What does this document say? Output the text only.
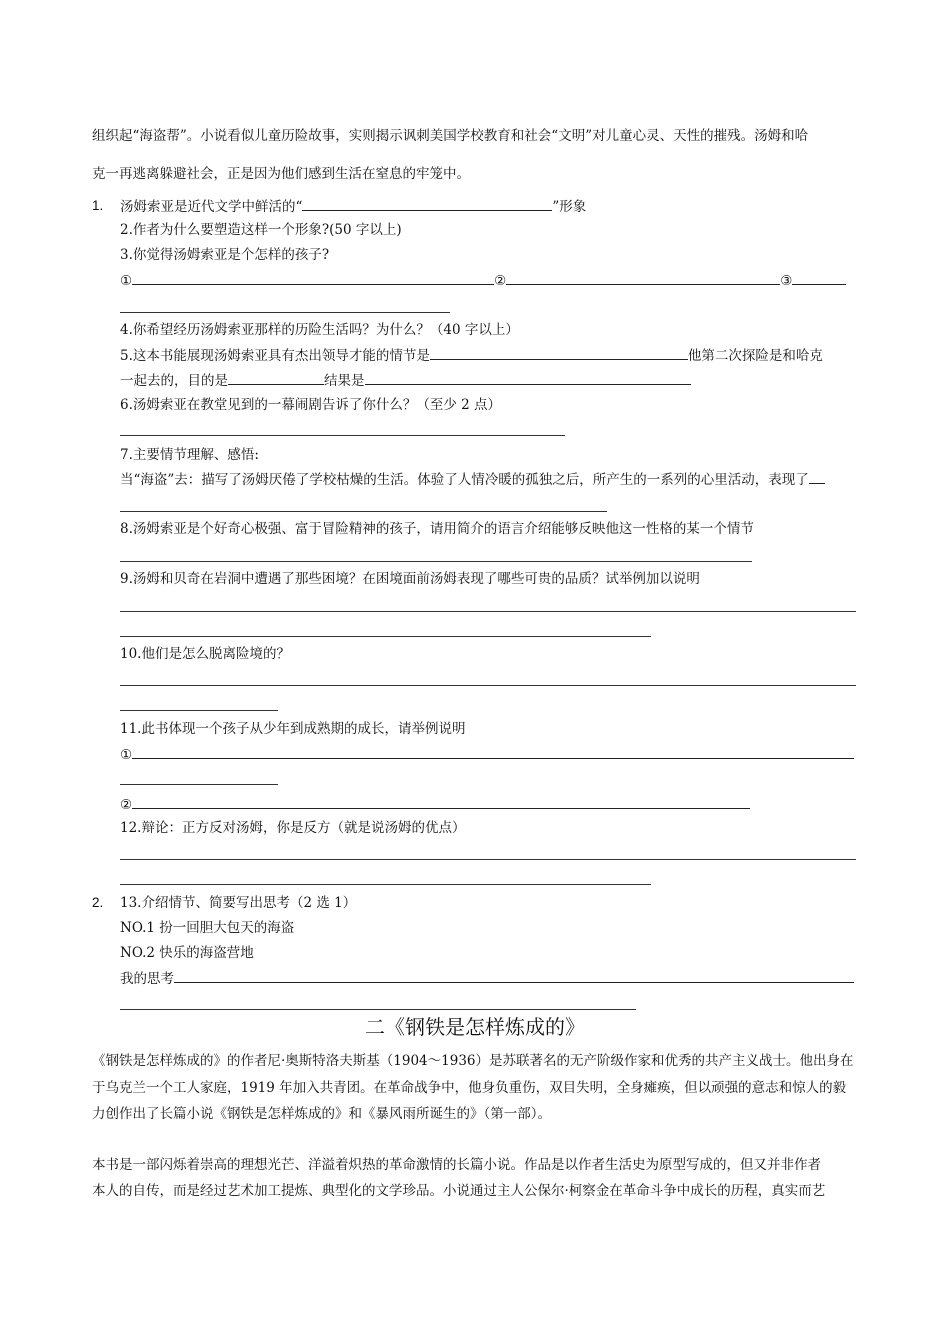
组织起“海盗帮”。小说看似儿童历险故事，实则揭示讽刺美国学校教育和社会“文明”对儿童心灵、天性的摧残。汤姆和哈
克一再逃离躲避社会，正是因为他们感到生活在窒息的牢笼中。
1. 汤姆索亚是近代文学中鲜活的“	”形象
2.作者为什么要塑造这样一个形象?(50 字以上)
3.你觉得汤姆索亚是个怎样的孩子?
①	②	③
4.你希望经历汤姆索亚那样的历险生活吗？为什么？（40 字以上）
5.这本书能展现汤姆索亚具有杰出领导才能的情节是	他第二次探险是和哈克
一起去的，目的是	结果是
6.汤姆索亚在教堂见到的一幕闹剧告诉了你什么？（至少 2 点）
7.主要情节理解、感悟:
当“海盗”去：描写了汤姆厌倦了学校枯燥的生活。体验了人情冷暖的孤独之后，所产生的一系列的心里活动，表现了
8.汤姆索亚是个好奇心极强、富于冒险精神的孩子，请用简介的语言介绍能够反映他这一性格的某一个情节
9.汤姆和贝奇在岩洞中遭遇了那些困境？在困境面前汤姆表现了哪些可贵的品质？试举例加以说明
10.他们是怎么脱离险境的？
11.此书体现一个孩子从少年到成熟期的成长，请举例说明
①
②
12.辩论：正方反对汤姆，你是反方（就是说汤姆的优点）
2. 13.介绍情节、简要写出思考（2 选 1）
NO.1 扮一回胆大包天的海盗
NO.2 快乐的海盗营地
我的思考
二《钢铁是怎样炼成的》
《钢铁是怎样炼成的》的作者尼·奥斯特洛夫斯基（1904～1936）是苏联著名的无产阶级作家和优秀的共产主义战士。他出身在
于乌克兰一个工人家庭，1919 年加入共青团。在革命战争中，他身负重伤，双目失明，全身瘫痪，但以顽强的意志和惊人的毅
力创作出了长篇小说《钢铁是怎样炼成的》和《暴风雨所诞生的》（第一部）。
本书是一部闪烁着崇高的理想光芒、洋溢着炽热的革命激情的长篇小说。作品是以作者生活史为原型写成的，但又并非作者
本人的自传，而是经过艺术加工提炼、典型化的文学珍品。小说通过主人公保尔·柯察金在革命斗争中成长的历程，真实而艺
